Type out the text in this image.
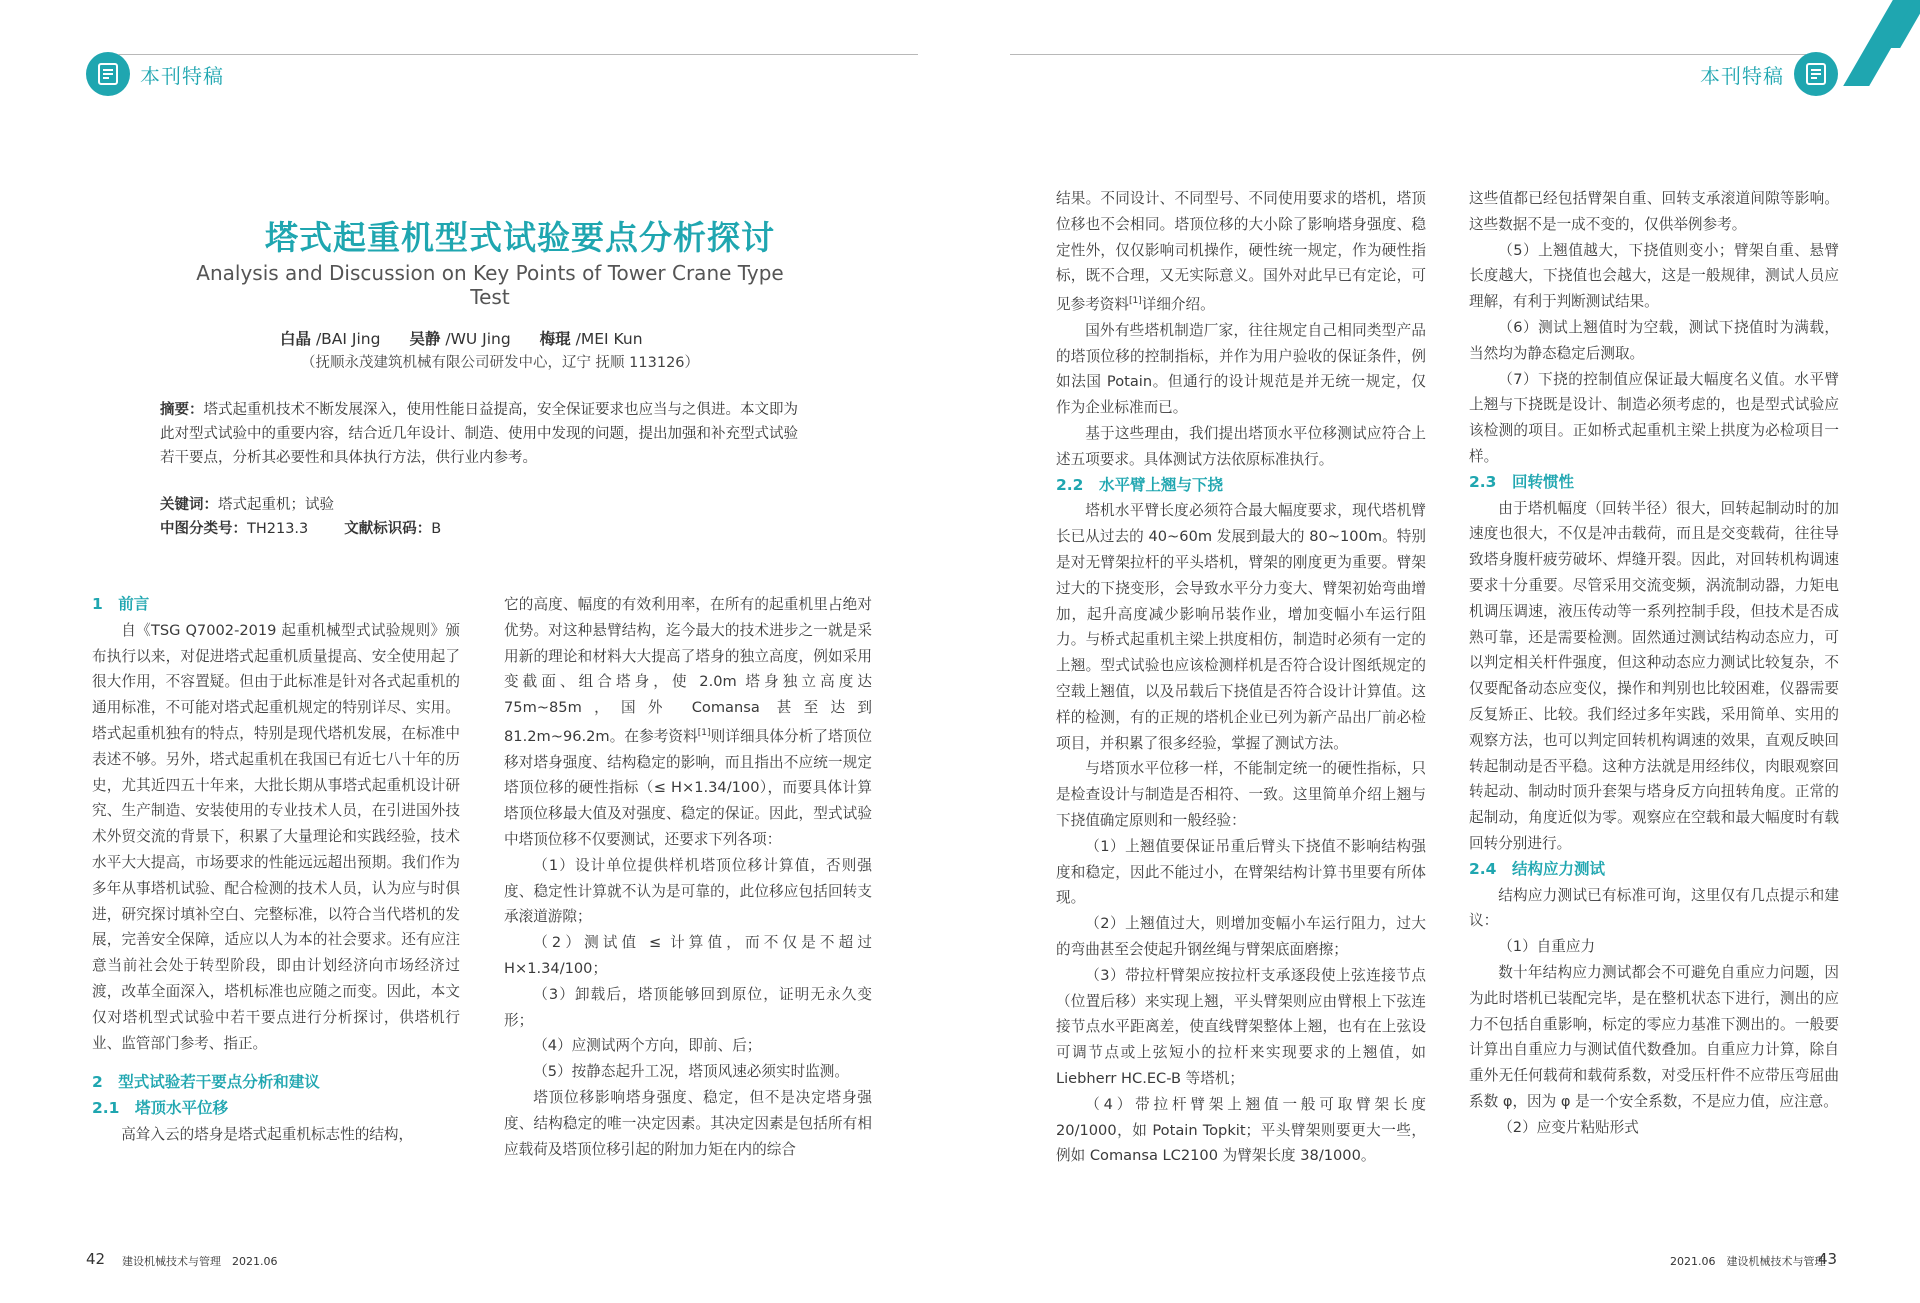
本刊特稿	本刊特稿
塔式起重机型式试验要点分析探讨
Analysis and Discussion on Key Points of Tower Crane Type Test
白晶 /BAI Jing 吴静 /WU Jing 梅琨 /MEI Kun
（抚顺永茂建筑机械有限公司研发中心，辽宁 抚顺 113126）
摘要：塔式起重机技术不断发展深入，使用性能日益提高，安全保证要求也应当与之俱进。本文即为此对型式试验中的重要内容，结合近几年设计、制造、使用中发现的问题，提出加强和补充型式试验若干要点，分析其必要性和具体执行方法，供行业内参考。
关键词：塔式起重机；试验
中图分类号：TH213.3 文献标识码：B
1　前言

自《TSG Q7002-2019 起重机械型式试验规则》颁布执行以来，对促进塔式起重机质量提高、安全使用起了很大作用，不容置疑。但由于此标准是针对各式起重机的通用标准，不可能对塔式起重机规定的特别详尽、实用。塔式起重机独有的特点，特别是现代塔机发展，在标准中表述不够。另外，塔式起重机在我国已有近七八十年的历史，尤其近四五十年来，大批长期从事塔式起重机设计研究、生产制造、安装使用的专业技术人员，在引进国外技术外贸交流的背景下，积累了大量理论和实践经验，技术水平大大提高，市场要求的性能远远超出预期。我们作为多年从事塔机试验、配合检测的技术人员，认为应与时俱进，研究探讨填补空白、完整标准，以符合当代塔机的发展，完善安全保障，适应以人为本的社会要求。还有应注意当前社会处于转型阶段，即由计划经济向市场经济过渡，改革全面深入，塔机标准也应随之而变。因此，本文仅对塔机型式试验中若干要点进行分析探讨，供塔机行业、监管部门参考、指正。

2　型式试验若干要点分析和建议
2.1　塔顶水平位移

高耸入云的塔身是塔式起重机标志性的结构，

它的高度、幅度的有效利用率，在所有的起重机里占绝对优势。对这种悬臂结构，迄今最大的技术进步之一就是采用新的理论和材料大大提高了塔身的独立高度，例如采用变截面、组合塔身，使 2.0m 塔身独立高度达 75m~85m，国外 Comansa 甚至达到 81.2m~96.2m。在参考资料[1]则详细具体分析了塔顶位移对塔身强度、结构稳定的影响，而且指出不应统一规定塔顶位移的硬性指标（≤ H×1.34/100），而要具体计算塔顶位移最大值及对强度、稳定的保证。因此，型式试验中塔顶位移不仅要测试，还要求下列各项：

（1）设计单位提供样机塔顶位移计算值，否则强度、稳定性计算就不认为是可靠的，此位移应包括回转支承滚道游隙；

（2）测试值 ≤ 计算值，而不仅是不超过 H×1.34/100；

（3）卸载后，塔顶能够回到原位，证明无永久变形；

（4）应测试两个方向，即前、后；

（5）按静态起升工况，塔顶风速必须实时监测。

塔顶位移影响塔身强度、稳定，但不是决定塔身强度、结构稳定的唯一决定因素。其决定因素是包括所有相应载荷及塔顶位移引起的附加力矩在内的综合

结果。不同设计、不同型号、不同使用要求的塔机，塔顶位移也不会相同。塔顶位移的大小除了影响塔身强度、稳定性外，仅仅影响司机操作，硬性统一规定，作为硬性指标，既不合理，又无实际意义。国外对此早已有定论，可见参考资料[1]详细介绍。

国外有些塔机制造厂家，往往规定自己相同类型产品的塔顶位移的控制指标，并作为用户验收的保证条件，例如法国 Potain。但通行的设计规范是并无统一规定，仅作为企业标准而已。

基于这些理由，我们提出塔顶水平位移测试应符合上述五项要求。具体测试方法依原标准执行。

2.2　水平臂上翘与下挠

塔机水平臂长度必须符合最大幅度要求，现代塔机臂长已从过去的 40~60m 发展到最大的 80~100m。特别是对无臂架拉杆的平头塔机，臂架的刚度更为重要。臂架过大的下挠变形，会导致水平分力变大、臂架初始弯曲增加，起升高度减少影响吊装作业，增加变幅小车运行阻力。与桥式起重机主梁上拱度相仿，制造时必须有一定的上翘。型式试验也应该检测样机是否符合设计图纸规定的空载上翘值，以及吊载后下挠值是否符合设计计算值。这样的检测，有的正规的塔机企业已列为新产品出厂前必检项目，并积累了很多经验，掌握了测试方法。

与塔顶水平位移一样，不能制定统一的硬性指标，只是检查设计与制造是否相符、一致。这里简单介绍上翘与下挠值确定原则和一般经验：

（1）上翘值要保证吊重后臂头下挠值不影响结构强度和稳定，因此不能过小，在臂架结构计算书里要有所体现。

（2）上翘值过大，则增加变幅小车运行阻力，过大的弯曲甚至会使起升钢丝绳与臂架底面磨擦；

（3）带拉杆臂架应按拉杆支承逐段使上弦连接节点（位置后移）来实现上翘，平头臂架则应由臂根上下弦连接节点水平距离差，使直线臂架整体上翘，也有在上弦设可调节点或上弦短小的拉杆来实现要求的上翘值，如 Liebherr HC.EC-B 等塔机；

（4）带拉杆臂架上翘值一般可取臂架长度 20/1000，如 Potain Topkit；平头臂架则要更大一些，例如 Comansa LC2100 为臂架长度 38/1000。

这些值都已经包括臂架自重、回转支承滚道间隙等影响。这些数据不是一成不变的，仅供举例参考。

（5）上翘值越大，下挠值则变小；臂架自重、悬臂长度越大，下挠值也会越大，这是一般规律，测试人员应理解，有利于判断测试结果。

（6）测试上翘值时为空载，测试下挠值时为满载，当然均为静态稳定后测取。

（7）下挠的控制值应保证最大幅度名义值。水平臂上翘与下挠既是设计、制造必须考虑的，也是型式试验应该检测的项目。正如桥式起重机主梁上拱度为必检项目一样。

2.3　回转惯性

由于塔机幅度（回转半径）很大，回转起制动时的加速度也很大，不仅是冲击载荷，而且是交变载荷，往往导致塔身腹杆疲劳破坏、焊缝开裂。因此，对回转机构调速要求十分重要。尽管采用交流变频，涡流制动器，力矩电机调压调速，液压传动等一系列控制手段，但技术是否成熟可靠，还是需要检测。固然通过测试结构动态应力，可以判定相关杆件强度，但这种动态应力测试比较复杂，不仅要配备动态应变仪，操作和判别也比较困难，仪器需要反复矫正、比较。我们经过多年实践，采用简单、实用的观察方法，也可以判定回转机构调速的效果，直观反映回转起制动是否平稳。这种方法就是用经纬仪，肉眼观察回转起动、制动时顶升套架与塔身反方向扭转角度。正常的起制动，角度近似为零。观察应在空载和最大幅度时有载回转分别进行。

2.4　结构应力测试

结构应力测试已有标准可询，这里仅有几点提示和建议：

（1）自重应力

数十年结构应力测试都会不可避免自重应力问题，因为此时塔机已装配完毕，是在整机状态下进行，测出的应力不包括自重影响，标定的零应力基准下测出的。一般要计算出自重应力与测试值代数叠加。自重应力计算，除自重外无任何载荷和载荷系数，对受压杆件不应带压弯屈曲系数 φ，因为 φ 是一个安全系数，不是应力值，应注意。

（2）应变片粘贴形式

42 建设机械技术与管理　2021.06	2021.06　建设机械技术与管理
43
